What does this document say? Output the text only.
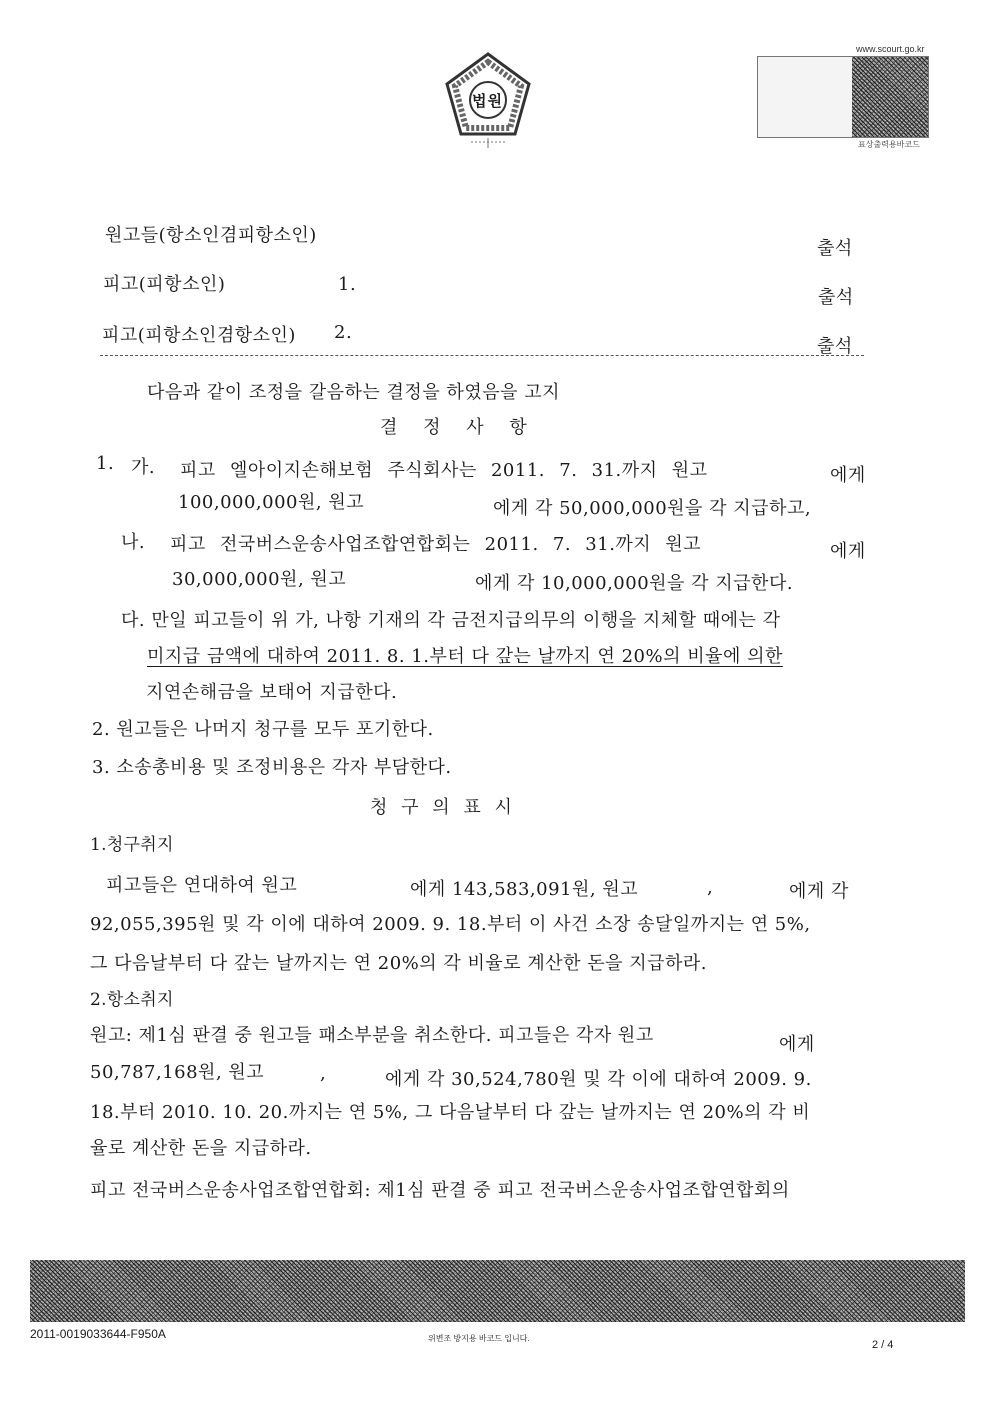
법원
www.scourt.go.kr
표상출력용바코드
원고들(항소인겸피항소인)
출석
피고(피항소인)	1.
출석
피고(피항소인겸항소인) 2.
출석
다음과 같이 조정을 갈음하는 결정을 하였음을 고지
결 정 사 항
1. 가. 피고 엘아이지손해보험 주식회사는 2011. 7. 31.까지 원고	에게
100,000,000원, 원고	에게 각 50,000,000원을 각 지급하고,
나. 피고 전국버스운송사업조합연합회는 2011. 7. 31.까지 원고	에게
30,000,000원, 원고	에게 각 10,000,000원을 각 지급한다.
다. 만일 피고들이 위 가, 나항 기재의 각 금전지급의무의 이행을 지체할 때에는 각
미지급 금액에 대하여 2011. 8. 1.부터 다 갚는 날까지 연 20%의 비율에 의한
지연손해금을 보태어 지급한다.
2. 원고들은 나머지 청구를 모두 포기한다.
3. 소송총비용 및 조정비용은 각자 부담한다.
청 구 의 표 시
1.청구취지
피고들은 연대하여 원고	에게 143,583,091원, 원고	,	에게 각
92,055,395원 및 각 이에 대하여 2009. 9. 18.부터 이 사건 소장 송달일까지는 연 5%,
그 다음날부터 다 갚는 날까지는 연 20%의 각 비율로 계산한 돈을 지급하라.
2.항소취지
원고: 제1심 판결 중 원고들 패소부분을 취소한다. 피고들은 각자 원고	에게
50,787,168원, 원고	,	에게 각 30,524,780원 및 각 이에 대하여 2009. 9.
18.부터 2010. 10. 20.까지는 연 5%, 그 다음날부터 다 갚는 날까지는 연 20%의 각 비
율로 계산한 돈을 지급하라.
피고 전국버스운송사업조합연합회: 제1심 판결 중 피고 전국버스운송사업조합연합회의
2011-0019033644-F950A	위변조 방지용 바코드 입니다.
2 / 4
